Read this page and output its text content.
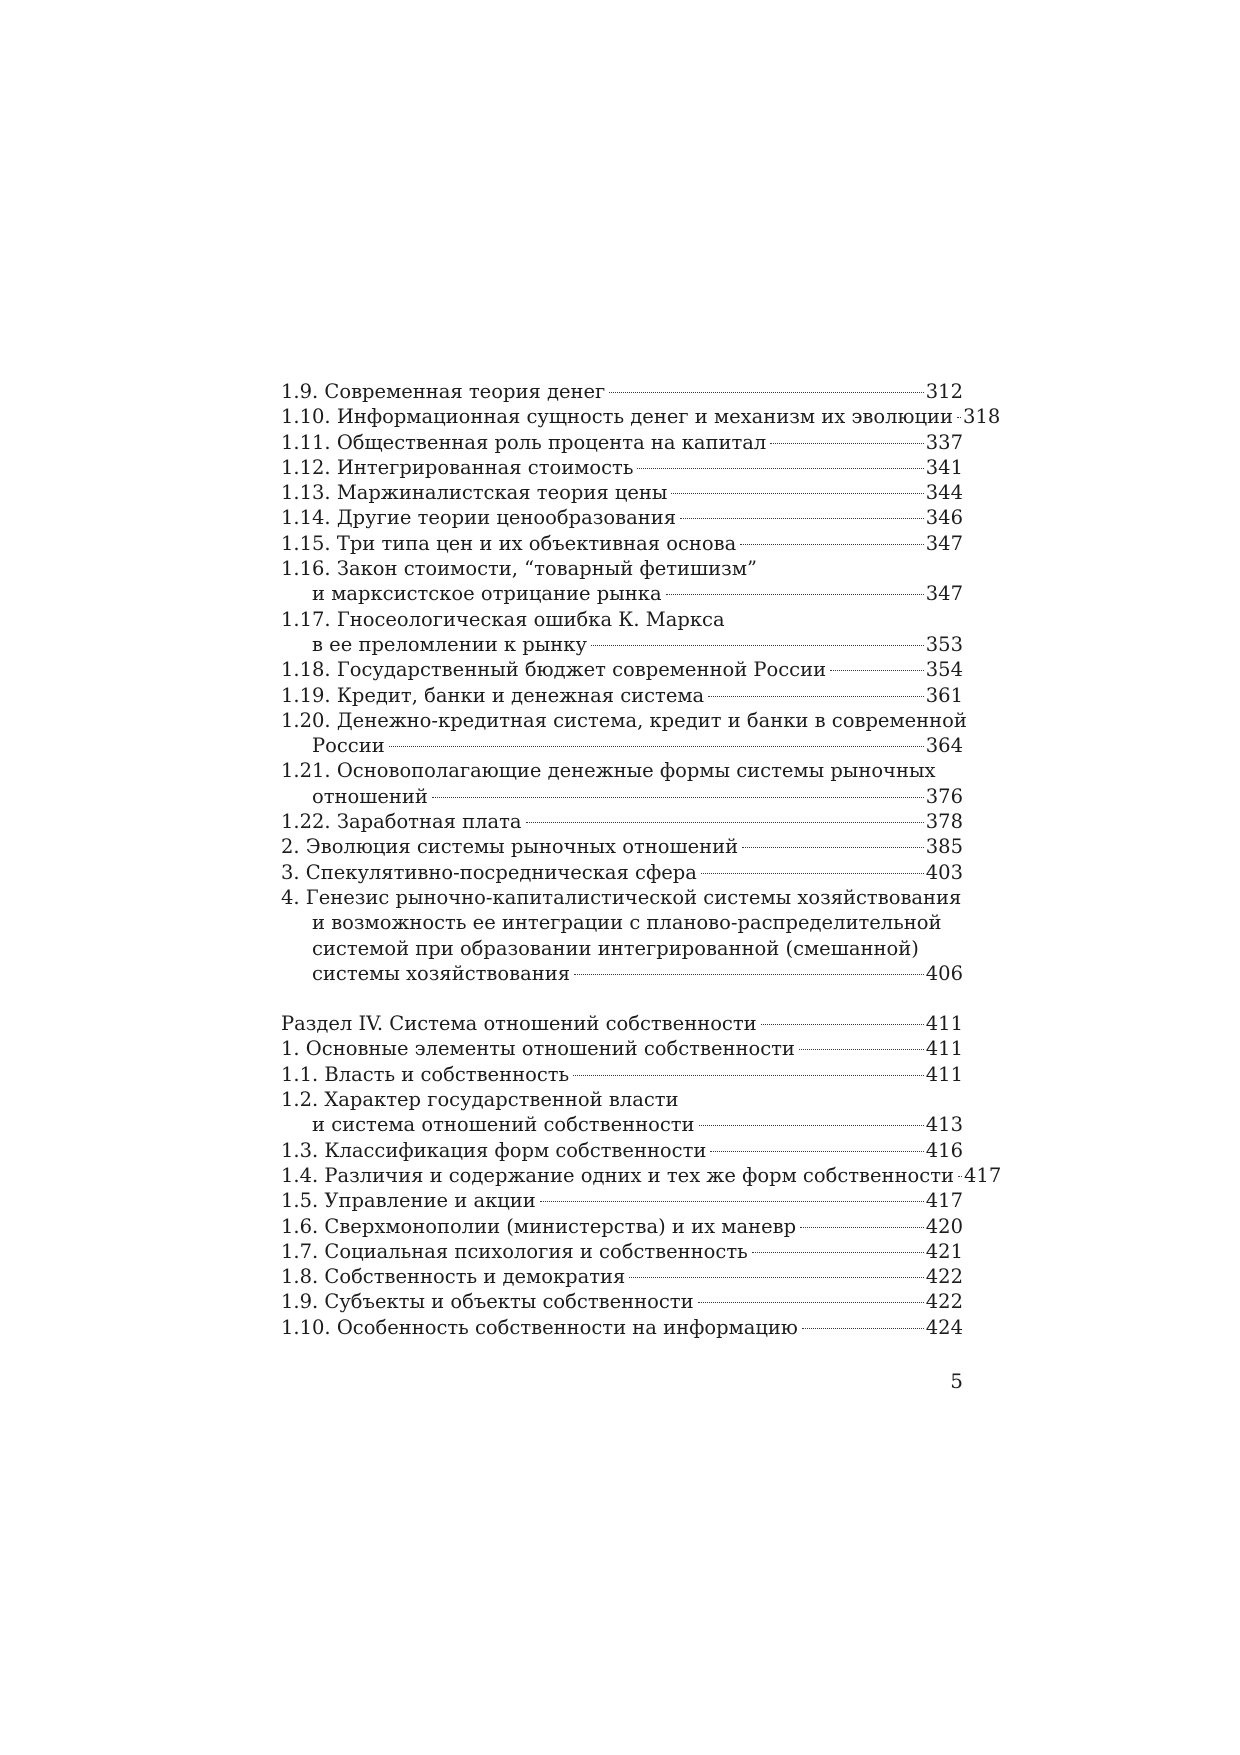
1.9. Современная теория денег	312
1.10. Информационная сущность денег и механизм их эволюции 318
1.11. Общественная роль процента на капитал	337
1.12. Интегрированная стоимость	341
1.13. Маржиналистская теория цены	344
1.14. Другие теории ценообразования	346
1.15. Три типа цен и их объективная основа	347
1.16. Закон стоимости, “товарный фетишизм”
и марксистское отрицание рынка	347
1.17. Гносеологическая ошибка К. Маркса
в ее преломлении к рынку	353
1.18. Государственный бюджет современной России	354
1.19. Кредит, банки и денежная система	361
1.20. Денежно-кредитная система, кредит и банки в современной
России	364
1.21. Основополагающие денежные формы системы рыночных
отношений	376
1.22. Заработная плата	378
2. Эволюция системы рыночных отношений	385
3. Спекулятивно-посредническая сфера	403
4. Генезис рыночно-капиталистической системы хозяйствования
и возможность ее интеграции с планово-распределительной
системой при образовании интегрированной (смешанной)
системы хозяйствования	406
Раздел IV. Система отношений собственности	411
1. Основные элементы отношений собственности	411
1.1. Власть и собственность	411
1.2. Характер государственной власти
и система отношений собственности	413
1.3. Классификация форм собственности	416
1.4. Различия и содержание одних и тех же форм собственности 417
1.5. Управление и акции	417
1.6. Сверхмонополии (министерства) и их маневр	420
1.7. Социальная психология и собственность	421
1.8. Собственность и демократия	422
1.9. Субъекты и объекты собственности	422
1.10. Особенность собственности на информацию	424
5
